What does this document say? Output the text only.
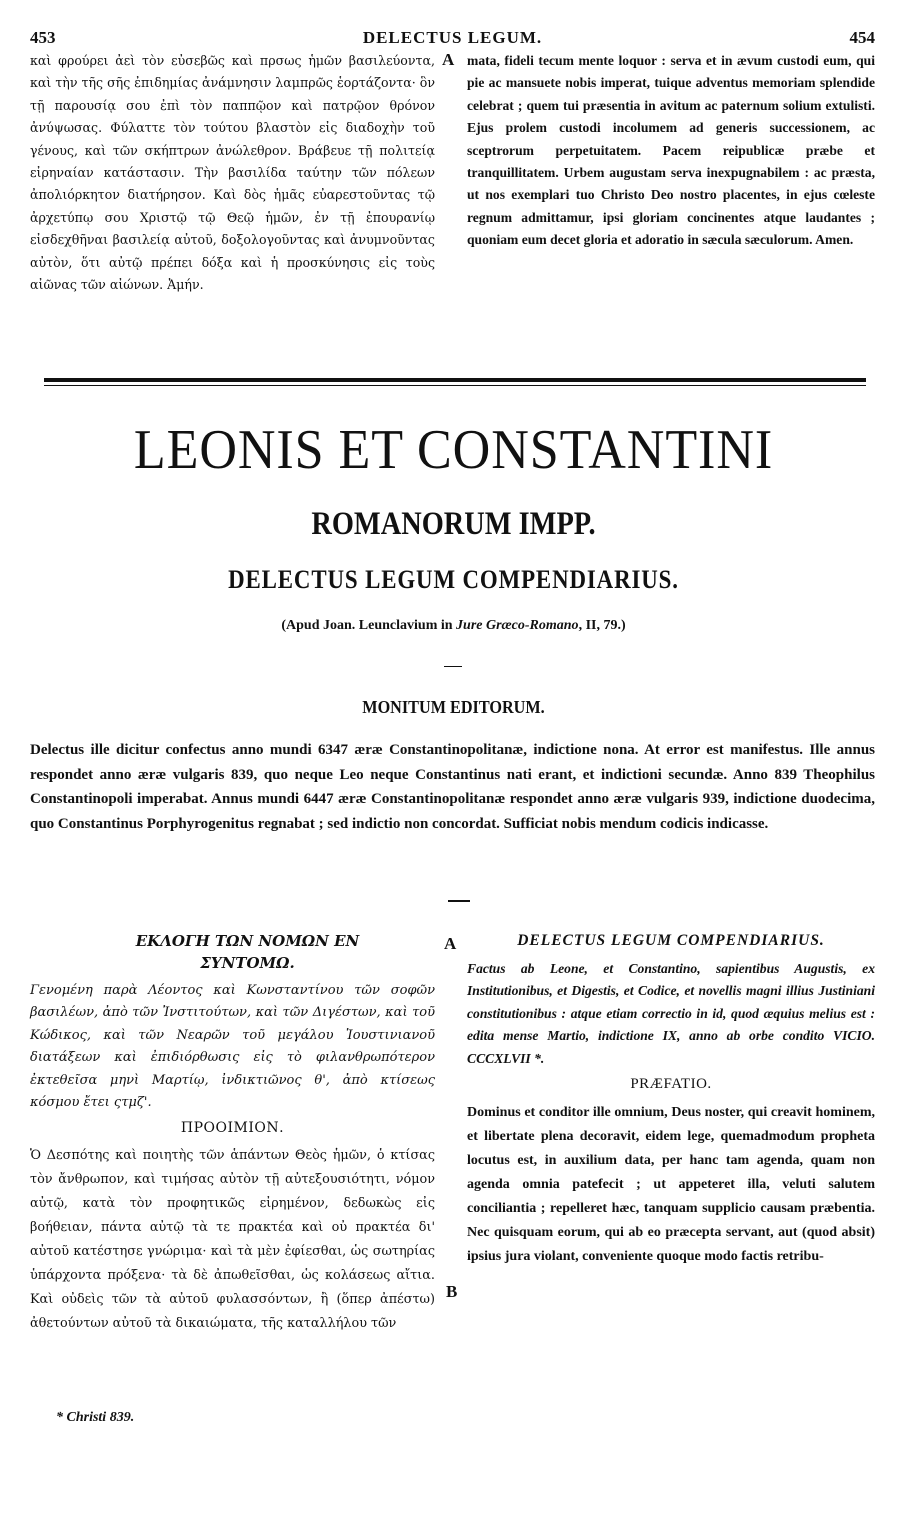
453	DELECTUS LEGUM.	454
καὶ φρούρει ἀεὶ τὸν εὐσεβῶς καὶ πρσως ἡμῶν βασιλεύοντα, καὶ τὴν τῆς σῆς ἐπιδημίας ἀνάμνησιν λαμπρῶς ἑορτάζοντα· ὃν τῇ παρουσίᾳ σου ἐπὶ τὸν παππῷον καὶ πατρῷον θρόνον ἀνύψωσας. Φύλαττε τὸν τούτου βλαστὸν εἰς διαδοχὴν τοῦ γένους, καὶ τῶν σκήπτρων ἀνώλεθρον. Βράβευε τῇ πολιτείᾳ εἰρηναίαν κατάστασιν. Τὴν βασιλίδα ταύτην τῶν πόλεων ἀπολιόρκητον διατήρησον. Καὶ δὸς ἡμᾶς εὐαρεστοῦντας τῷ ἀρχετύπῳ σου Χριστῷ τῷ Θεῷ ἡμῶν, ἐν τῇ ἐπουρανίῳ εἰσδεχθῆναι βασιλείᾳ αὐτοῦ, δοξολογοῦντας καὶ ἀνυμνοῦντας αὐτὸν, ὅτι αὐτῷ πρέπει δόξα καὶ ἡ προσκύνησις εἰς τοὺς αἰῶνας τῶν αἰώνων. Ἀμήν.
A mata, fideli tecum mente loquor : serva et in ævum custodi eum, qui pie ac mansuete nobis imperat, tuique adventus memoriam splendide celebrat ; quem tui præsentia in avitum ac paternum solium extulisti. Ejus prolem custodi incolumem ad generis successionem, ac sceptrorum perpetuitatem. Pacem reipublicæ præbe et tranquillitatem. Urbem augustam serva inexpugnabilem : ac præsta, ut nos exemplari tuo Christo Deo nostro placentes, in ejus cœleste regnum admittamur, ipsi gloriam concinentes atque laudantes ; quoniam eum decet gloria et adoratio in sæcula sæculorum. Amen.
LEONIS ET CONSTANTINI
ROMANORUM IMPP.
DELECTUS LEGUM COMPENDIARIUS.
(Apud Joan. Leunclavium in Jure Græco-Romano, II, 79.)
MONITUM EDITORUM.
Delectus ille dicitur confectus anno mundi 6347 æræ Constantinopolitanæ, indictione nona. At error est manifestus. Ille annus respondet anno æræ vulgaris 839, quo neque Leo neque Constantinus nati erant, et indictioni secundæ. Anno 839 Theophilus Constantinopoli imperabat. Annus mundi 6447 æræ Constantinopolitanæ respondet anno æræ vulgaris 939, indictione duodecima, quo Constantinus Porphyrogenitus regnabat ; sed indictio non concordat. Sufficiat nobis mendum codicis indicasse.
ΕΚΛΟΓΗ ΤΩΝ ΝΟΜΩΝ ΕΝ ΣΥΝΤΟΜΩ.
Γενομένη παρὰ Λέοντος καὶ Κωνσταντίνου τῶν σοφῶν βασιλέων, ἀπὸ τῶν Ἰνστιτούτων, καὶ τῶν Διγέστων, καὶ τοῦ Κώδικος, καὶ τῶν Νεαρῶν τοῦ μεγάλου Ἰουστινιανοῦ διατάξεων καὶ ἐπιδιόρθωσις εἰς τὸ φιλανθρωπότερον ἐκτεθεῖσα μηνὶ Μαρτίῳ, ἰνδικτιῶνος θ', ἀπὸ κτίσεως κόσμου ἔτει ςτμζ'.
ΠΡΟΟΙΜΙΟΝ.
Ὁ Δεσπότης καὶ ποιητὴς τῶν ἁπάντων Θεὸς ἡμῶν, ὁ κτίσας τὸν ἄνθρωπον, καὶ τιμήσας αὐτὸν τῇ αὐτεξουσιότητι, νόμον αὐτῷ, κατὰ τὸν προφητικῶς εἰρημένον, δεδωκὼς εἰς βοήθειαν, πάντα αὐτῷ τὰ τε πρακτέα καὶ οὐ πρακτέα δι' αὐτοῦ κατέστησε γνώριμα· καὶ τὰ μὲν ἐφίεσθαι, ὡς σωτηρίας ὑπάρχοντα πρόξενα· τὰ δὲ ἀπωθεῖσθαι, ὡς κολάσεως αἴτια. Καὶ οὐδεὶς τῶν τὰ αὐτοῦ φυλασσόντων, ἢ (ὅπερ ἀπέστω) ἀθετούντων αὐτοῦ τὰ δικαιώματα, τῆς καταλλήλου τῶν
A
B
DELECTUS LEGUM COMPENDIARIUS.
Factus ab Leone, et Constantino, sapientibus Augustis, ex Institutionibus, et Digestis, et Codice, et novellis magni illius Justiniani constitutionibus : atque etiam correctio in id, quod æquius melius est : edita mense Martio, indictione IX, anno ab orbe condito VICIO. CCCXLVII *.
PRÆFATIO.
Dominus et conditor ille omnium, Deus noster, qui creavit hominem, et libertate plena decoravit, eidem lege, quemadmodum propheta locutus est, in auxilium data, per hanc tam agenda, quam non agenda omnia patefecit ; ut appeteret illa, veluti salutem conciliantia ; repelleret hæc, tanquam supplicio causam præbentia. Nec quisquam eorum, qui ab eo præcepta servant, aut (quod absit) ipsius jura violant, conveniente quoque modo factis retribu-
* Christi 839.
